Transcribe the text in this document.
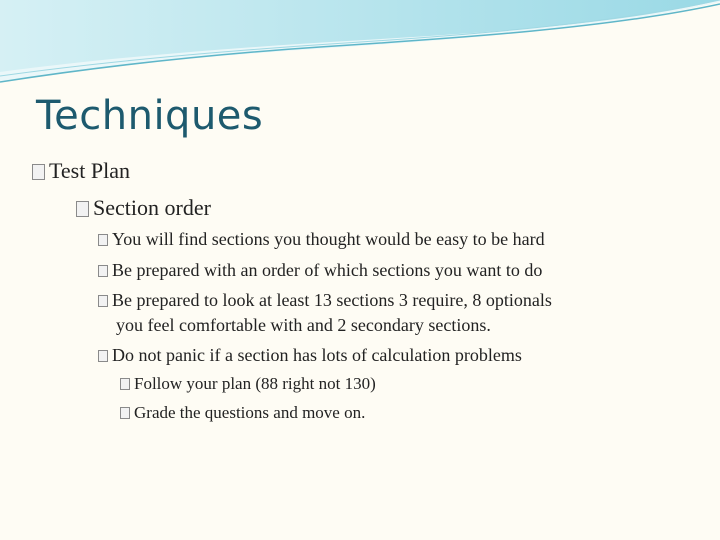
Techniques
Test Plan
Section order
You will find sections you thought would be easy to be hard
Be prepared with an order of which sections you want to do
Be prepared to look at least 13 sections 3 require, 8 optionals
you feel comfortable with and 2 secondary sections.
Do not panic if a section has lots of calculation problems
Follow your plan (88 right not 130)
Grade the questions and move on.
